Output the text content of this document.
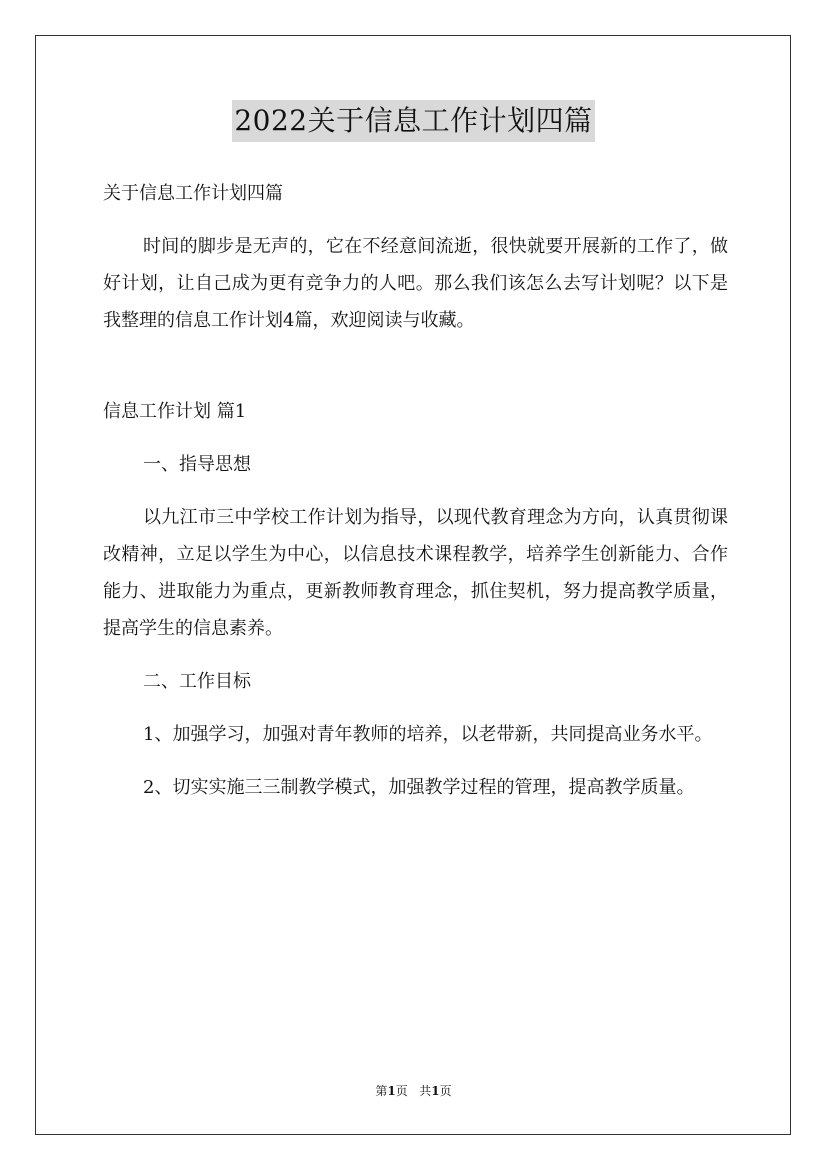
2022关于信息工作计划四篇

关于信息工作计划四篇

时间的脚步是无声的，它在不经意间流逝，很快就要开展新的工作了，做好计划，让自己成为更有竞争力的人吧。那么我们该怎么去写计划呢？以下是我整理的信息工作计划4篇，欢迎阅读与收藏。

信息工作计划 篇1

一、指导思想

以九江市三中学校工作计划为指导，以现代教育理念为方向，认真贯彻课改精神，立足以学生为中心，以信息技术课程教学，培养学生创新能力、合作能力、进取能力为重点，更新教师教育理念，抓住契机，努力提高教学质量，提高学生的信息素养。

二、工作目标

1、加强学习，加强对青年教师的培养，以老带新，共同提高业务水平。

2、切实实施三三制教学模式，加强教学过程的管理，提高教学质量。

第1页 共1页
